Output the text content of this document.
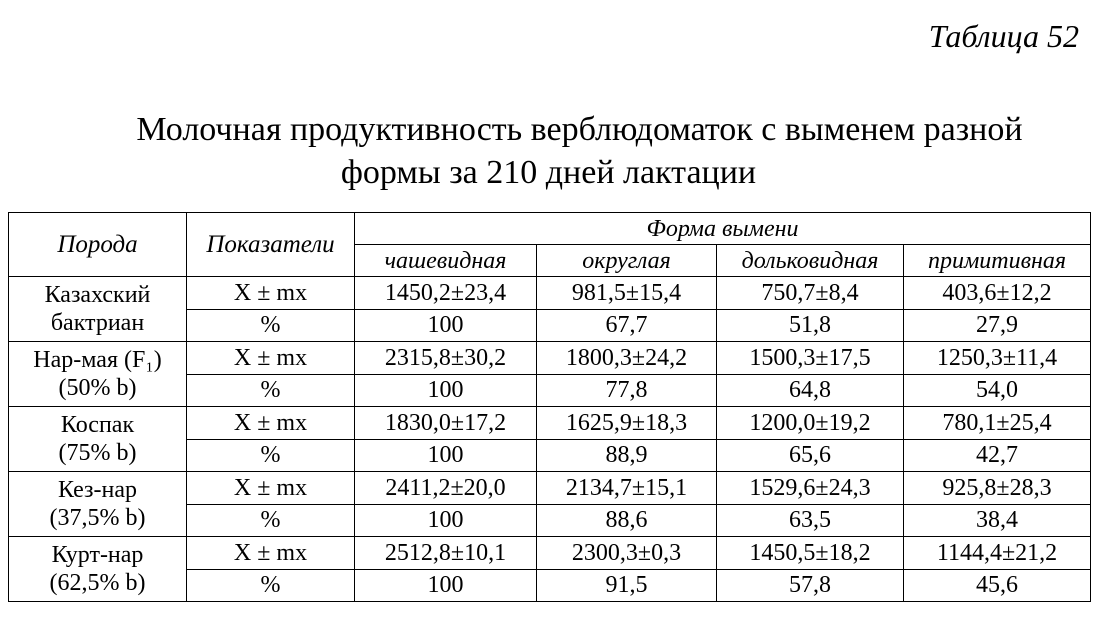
Таблица 52
Молочная продуктивность верблюдоматок с выменем разной
формы за 210 дней лактации
Порода	Показатели	Форма вымени			
		чашевидная	округлая	дольковидная	примитивная

Казахский
бактриан	X ± mx	1450,2±23,4	981,5±15,4	750,7±8,4	403,6±12,2
	%	100	67,7	51,8	27,9

Нар-мая (F₁)
(50% b)	X ± mx	2315,8±30,2	1800,3±24,2	1500,3±17,5	1250,3±11,4
	%	100	77,8	64,8	54,0

Коспак
(75% b)	X ± mx	1830,0±17,2	1625,9±18,3	1200,0±19,2	780,1±25,4
	%	100	88,9	65,6	42,7

Кез-нар
(37,5% b)	X ± mx	2411,2±20,0	2134,7±15,1	1529,6±24,3	925,8±28,3
	%	100	88,6	63,5	38,4

Курт-нар
(62,5% b)	X ± mx	2512,8±10,1	2300,3±0,3	1450,5±18,2	1144,4±21,2
	%	100	91,5	57,8	45,6
